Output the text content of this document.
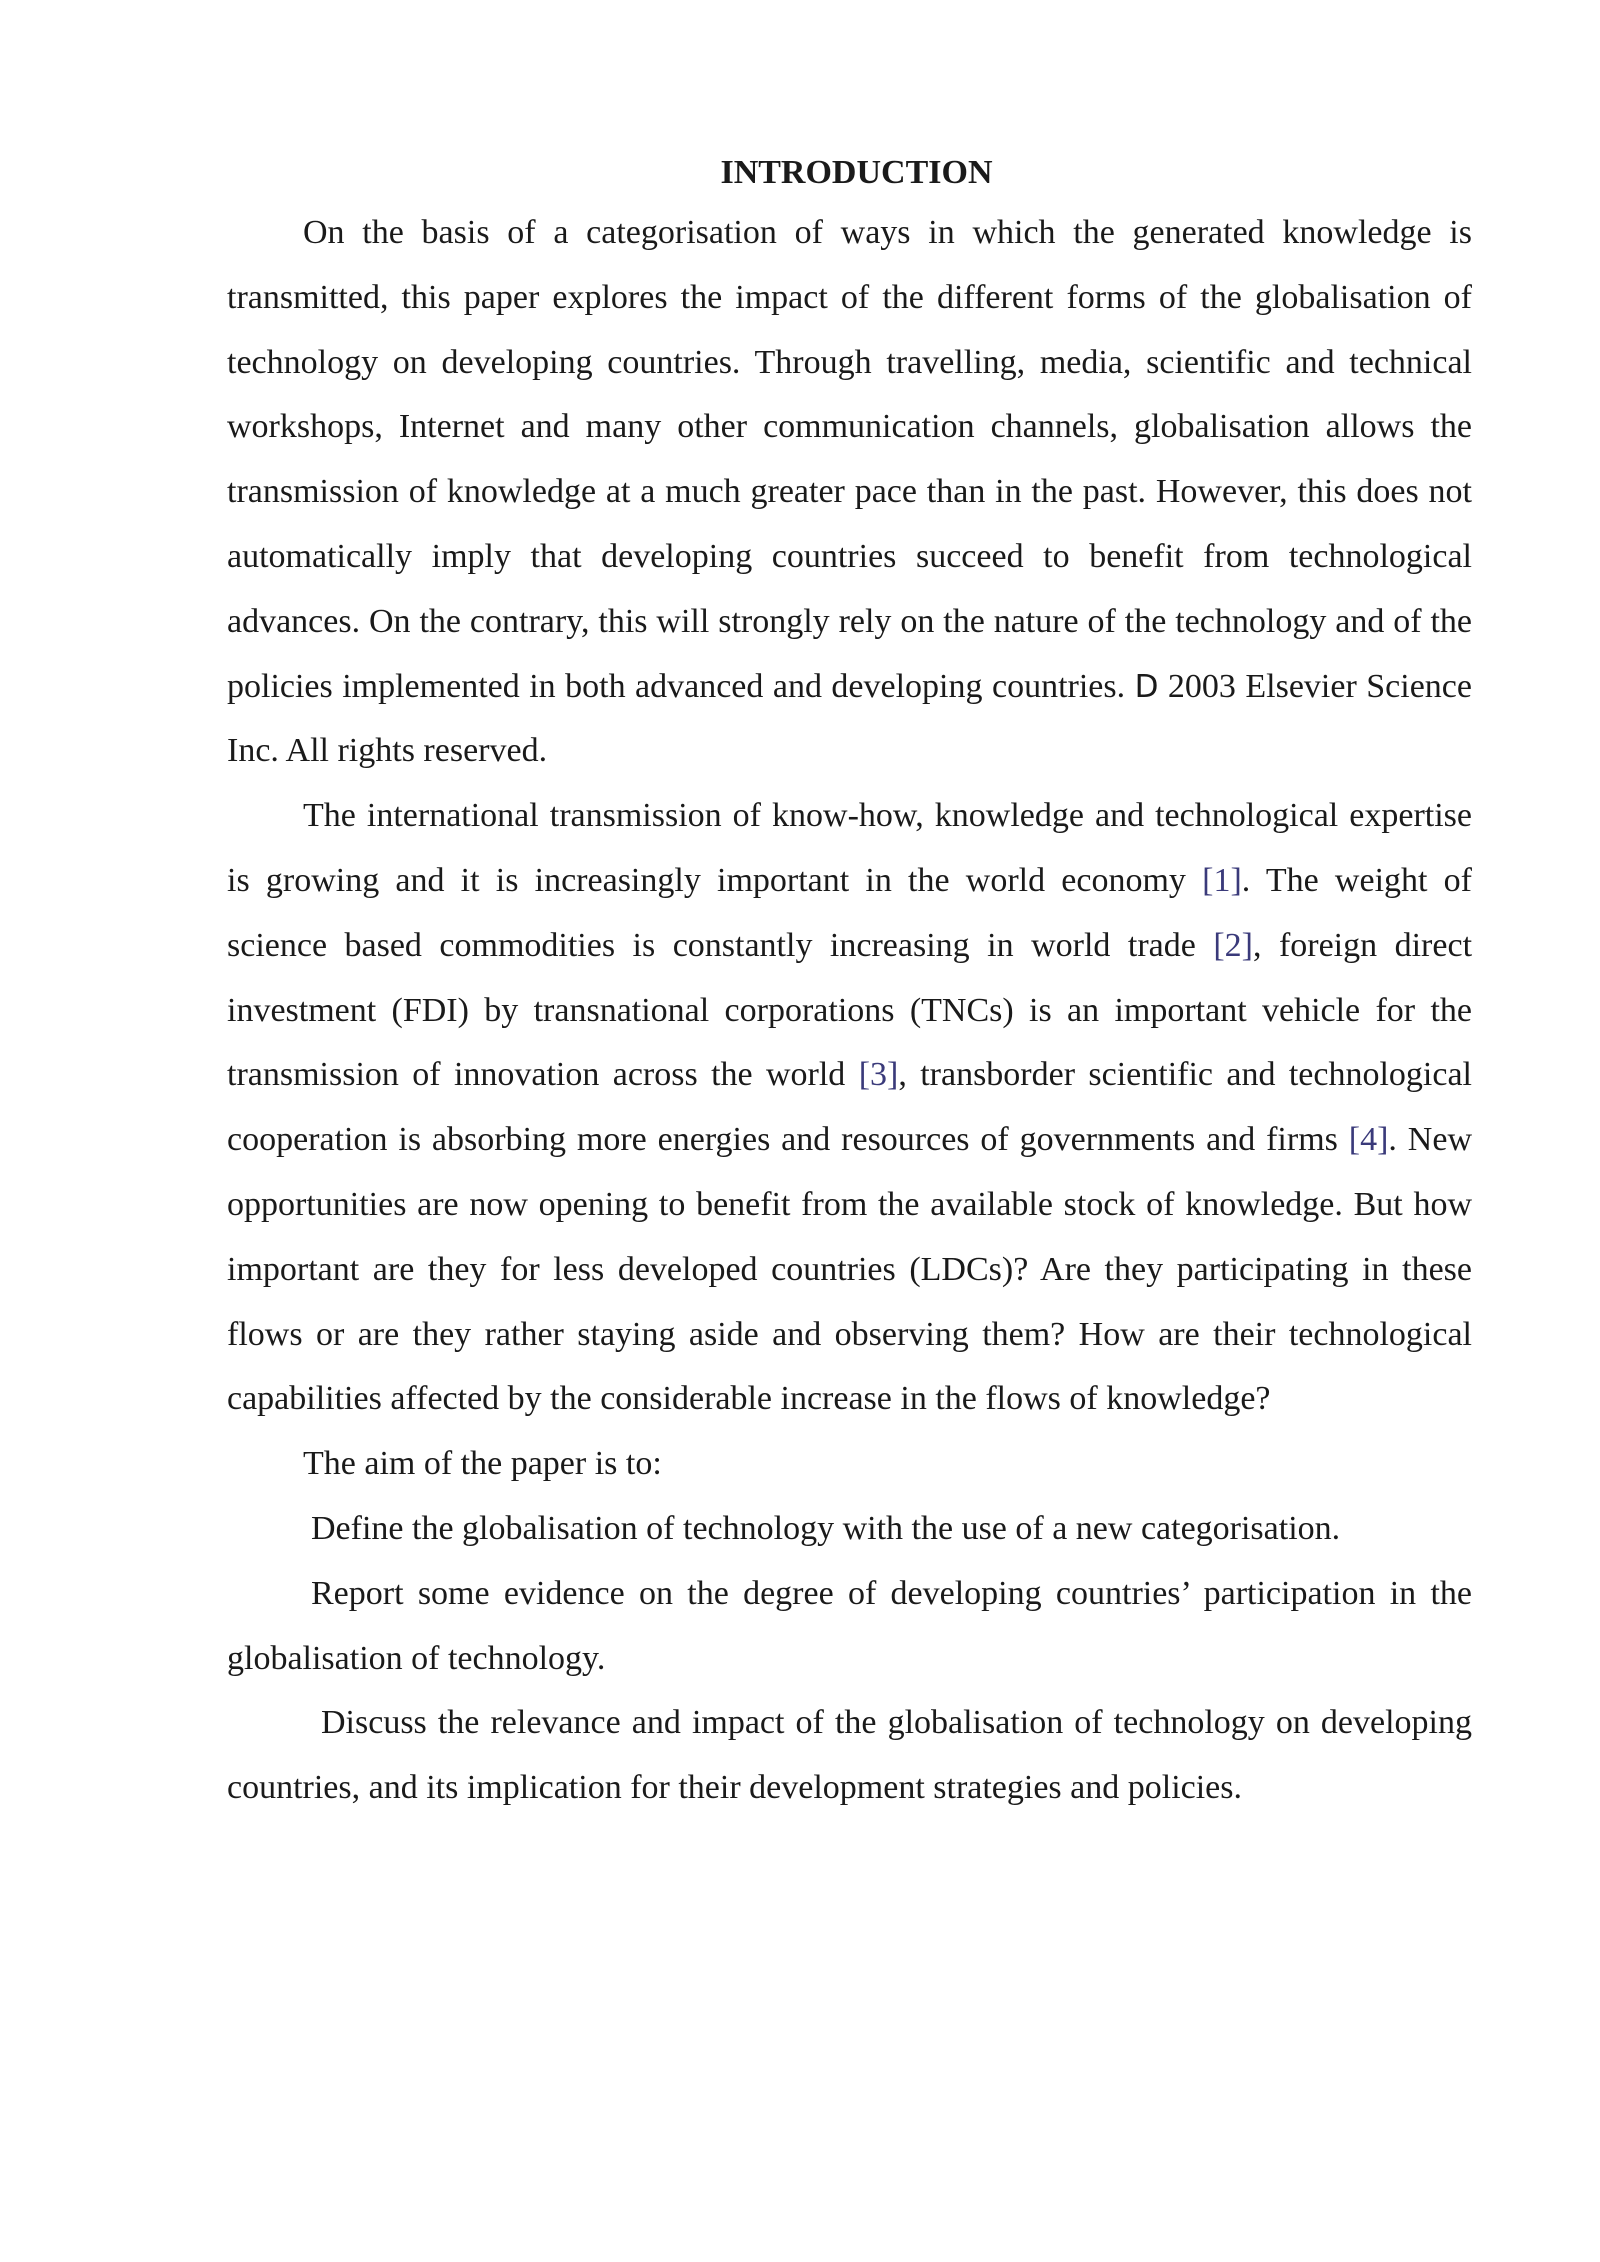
INTRODUCTION

On the basis of a categorisation of ways in which the generated knowledge is transmitted, this paper explores the impact of the different forms of the globalisation of technology on developing countries. Through travelling, media, scientific and technical workshops, Internet and many other communication channels, globalisation allows the transmission of knowledge at a much greater pace than in the past. However, this does not automatically imply that developing countries succeed to benefit from technological advances. On the contrary, this will strongly rely on the nature of the technology and of the policies implemented in both advanced and developing countries. D 2003 Elsevier Science Inc. All rights reserved.

The international transmission of know-how, knowledge and technological expertise is growing and it is increasingly important in the world economy [1]. The weight of science based commodities is constantly increasing in world trade [2], foreign direct investment (FDI) by transnational corporations (TNCs) is an important vehicle for the transmission of innovation across the world [3], transborder scientific and technological cooperation is absorbing more energies and resources of governments and firms [4]. New opportunities are now opening to benefit from the available stock of knowledge. But how important are they for less developed countries (LDCs)? Are they participating in these flows or are they rather staying aside and observing them? How are their technological capabilities affected by the considerable increase in the flows of knowledge?

The aim of the paper is to:

Define the globalisation of technology with the use of a new categorisation.

Report some evidence on the degree of developing countries’ participation in the globalisation of technology.

Discuss the relevance and impact of the globalisation of technology on developing countries, and its implication for their development strategies and policies.
